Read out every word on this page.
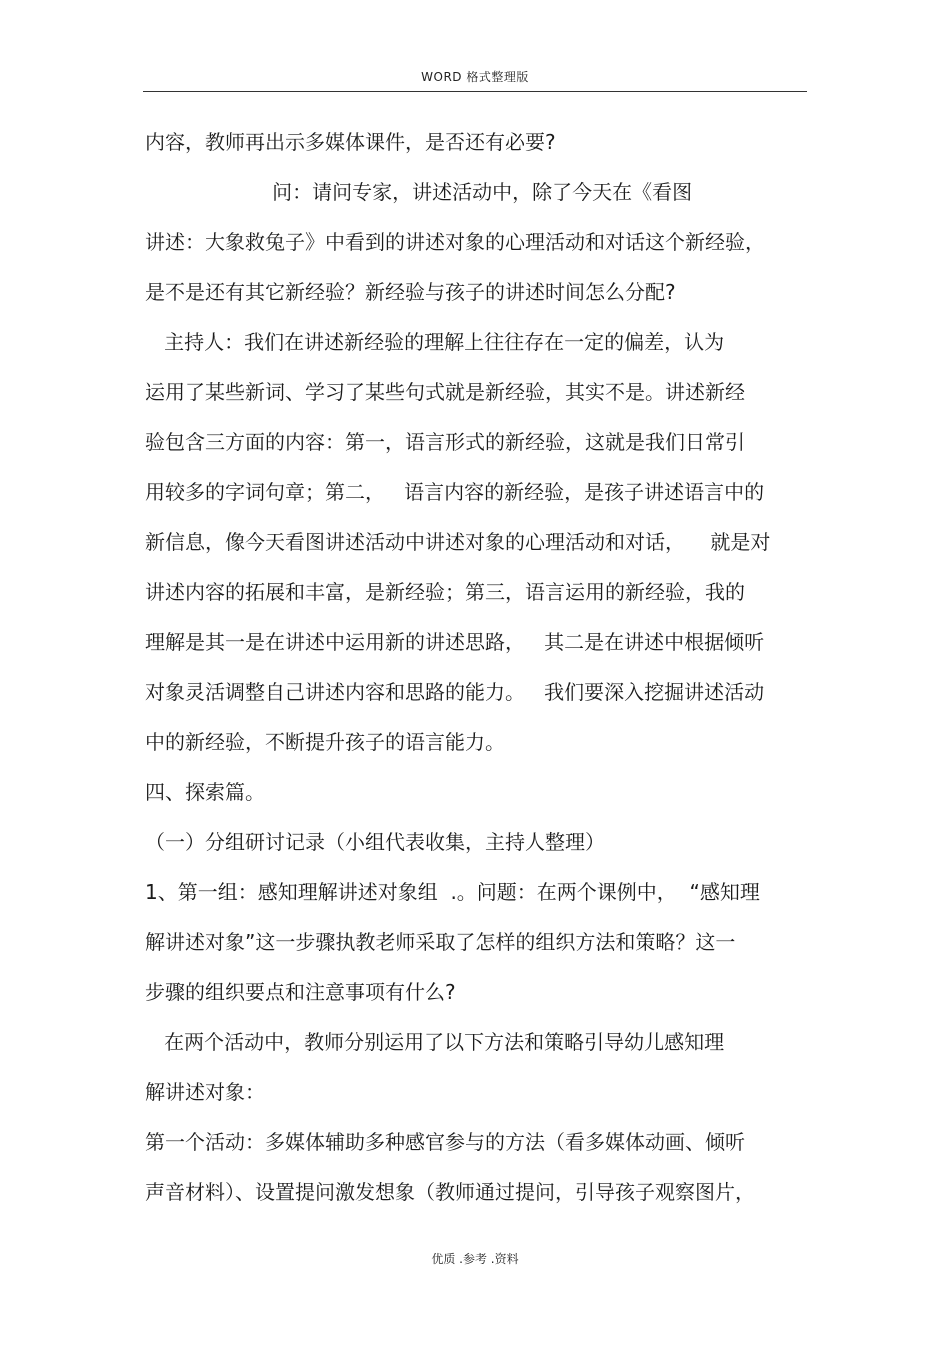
WORD 格式整理版
内容，教师再出示多媒体课件，是否还有必要?
问：请问专家，讲述活动中，除了今天在《看图
讲述：大象救兔子》中看到的讲述对象的心理活动和对话这个新经验，
是不是还有其它新经验？新经验与孩子的讲述时间怎么分配?
主持人：我们在讲述新经验的理解上往往存在一定的偏差，认为
运用了某些新词、学习了某些句式就是新经验，其实不是。讲述新经
验包含三方面的内容：第一，语言形式的新经验，这就是我们日常引
用较多的字词句章；第二，   语言内容的新经验，是孩子讲述语言中的
新信息，像今天看图讲述活动中讲述对象的心理活动和对话，    就是对
讲述内容的拓展和丰富，是新经验；第三，语言运用的新经验，我的
理解是其一是在讲述中运用新的讲述思路，   其二是在讲述中根据倾听
对象灵活调整自己讲述内容和思路的能力。   我们要深入挖掘讲述活动
中的新经验，不断提升孩子的语言能力。
四、探索篇。
（一）分组研讨记录（小组代表收集，主持人整理）
1、第一组：感知理解讲述对象组  .。问题：在两个课例中，  “感知理
解讲述对象”这一步骤执教老师采取了怎样的组织方法和策略？这一
步骤的组织要点和注意事项有什么?
在两个活动中，教师分别运用了以下方法和策略引导幼儿感知理
解讲述对象：
第一个活动：多媒体辅助多种感官参与的方法（看多媒体动画、倾听
声音材料）、设置提问激发想象（教师通过提问，引导孩子观察图片，
优质 .参考 .资料
